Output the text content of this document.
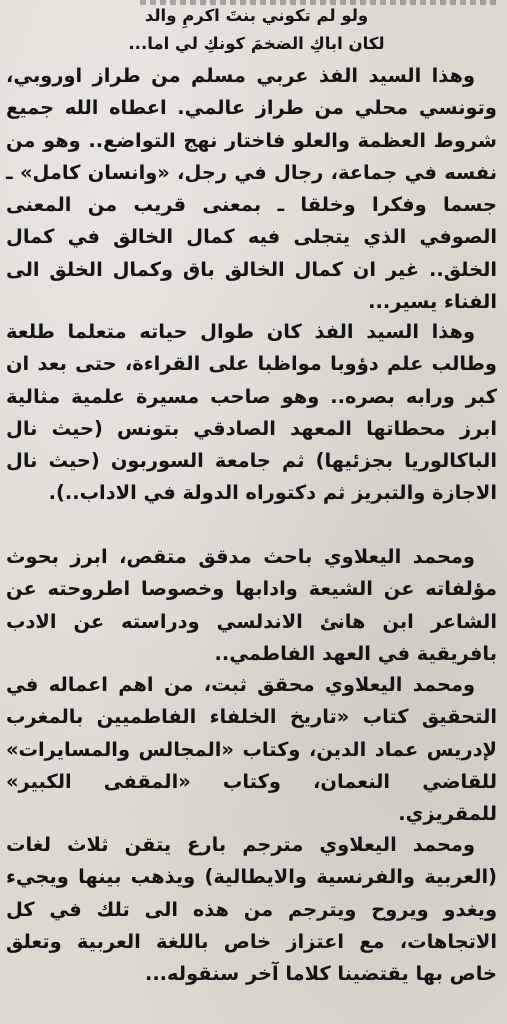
ولو لم تكوني بنتَ اكرمِ والد
لكان اباكِ الضخمَ كونكِ لي اما...
وهذا السيد الفذ عربي مسلم من طراز اوروبي، وتونسي محلي من طراز عالمي. اعطاه الله جميع شروط العظمة والعلو فاختار نهج التواضع.. وهو من نفسه في جماعة، رجال في رجل، «وانسان كامل» ـ جسما وفكرا وخلقا ـ بمعنى قريب من المعنى الصوفي الذي يتجلى فيه كمال الخالق في كمال الخلق.. غير ان كمال الخالق باق وكمال الخلق الى الفناء يسير...
وهذا السيد الفذ كان طوال حياته متعلما طلعة وطالب علم دؤوبا مواظبا على القراءة، حتى بعد ان كبر ورابه بصره.. وهو صاحب مسيرة علمية مثالية ابرز محطاتها المعهد الصادقي بتونس (حيث نال الباكالوريا بجزئيها) ثم جامعة السوربون (حيث نال الاجازة والتبريز ثم دكتوراه الدولة في الاداب..).
ومحمد اليعلاوي باحث مدقق متقص، ابرز بحوث مؤلفاته عن الشيعة وادابها وخصوصا اطروحته عن الشاعر ابن هانئ الاندلسي ودراسته عن الادب بافريقية في العهد الفاطمي..
ومحمد اليعلاوي محقق ثبت، من اهم اعماله في التحقيق كتاب «تاريخ الخلفاء الفاطميين بالمغرب لإدريس عماد الدين، وكتاب «المجالس والمسايرات» للقاضي النعمان، وكتاب «المقفى الكبير» للمقريزي.
ومحمد اليعلاوي مترجم بارع يتقن ثلاث لغات (العربية والفرنسية والايطالية) ويذهب بينها ويجيء ويغدو ويروح ويترجم من هذه الى تلك في كل الاتجاهات، مع اعتزاز خاص باللغة العربية وتعلق خاص بها يقتضينا كلاما آخر سنقوله...
